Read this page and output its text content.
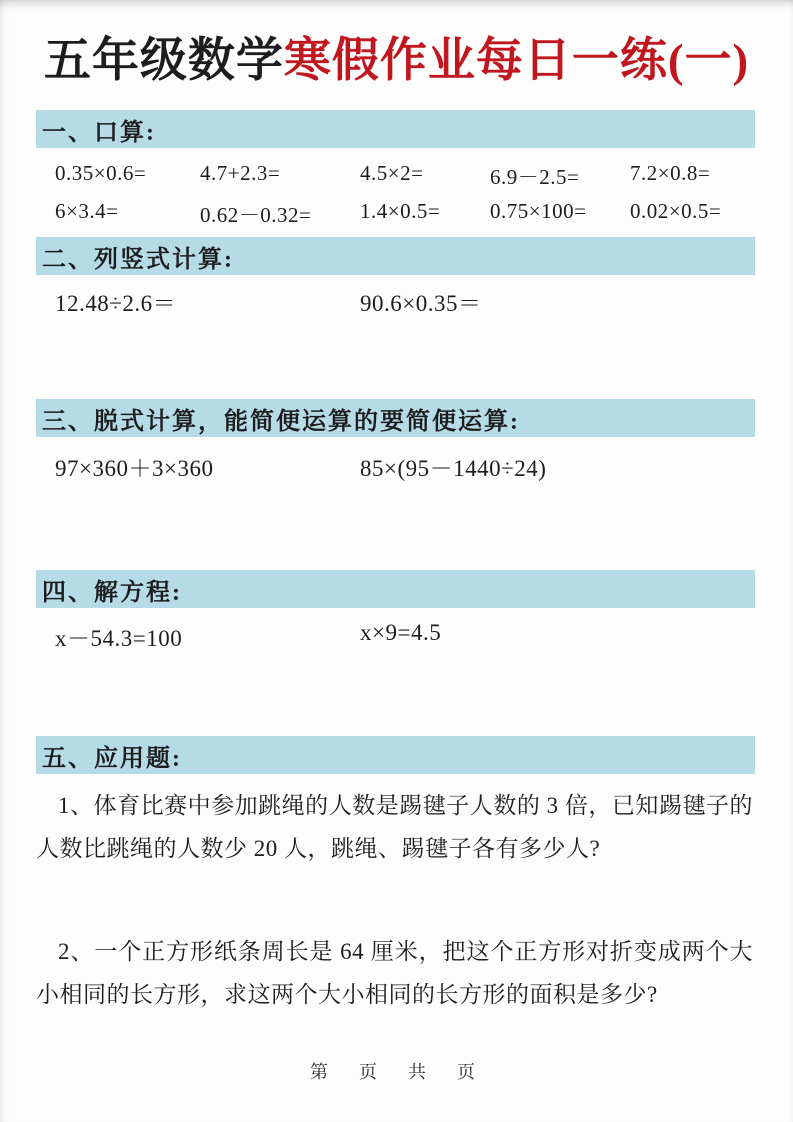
五年级数学寒假作业每日一练(一)
一、口算:
0.35×0.6=	4.7+2.3=	4.5×2=	6.9－2.5=	7.2×0.8=
6×3.4=	0.62－0.32=	1.4×0.5=	0.75×100=	0.02×0.5=
二、列竖式计算:
12.48÷2.6＝	90.6×0.35＝
三、脱式计算，能简便运算的要简便运算:
97×360＋3×360	85×(95－1440÷24)
四、解方程:
x－54.3=100	x×9=4.5
五、应用题:

1、体育比赛中参加跳绳的人数是踢毽子人数的 3 倍，已知踢毽子的人数比跳绳的人数少 20 人，跳绳、踢毽子各有多少人?

2、一个正方形纸条周长是 64 厘米，把这个正方形对折变成两个大小相同的长方形，求这两个大小相同的长方形的面积是多少?

第 页 共 页
